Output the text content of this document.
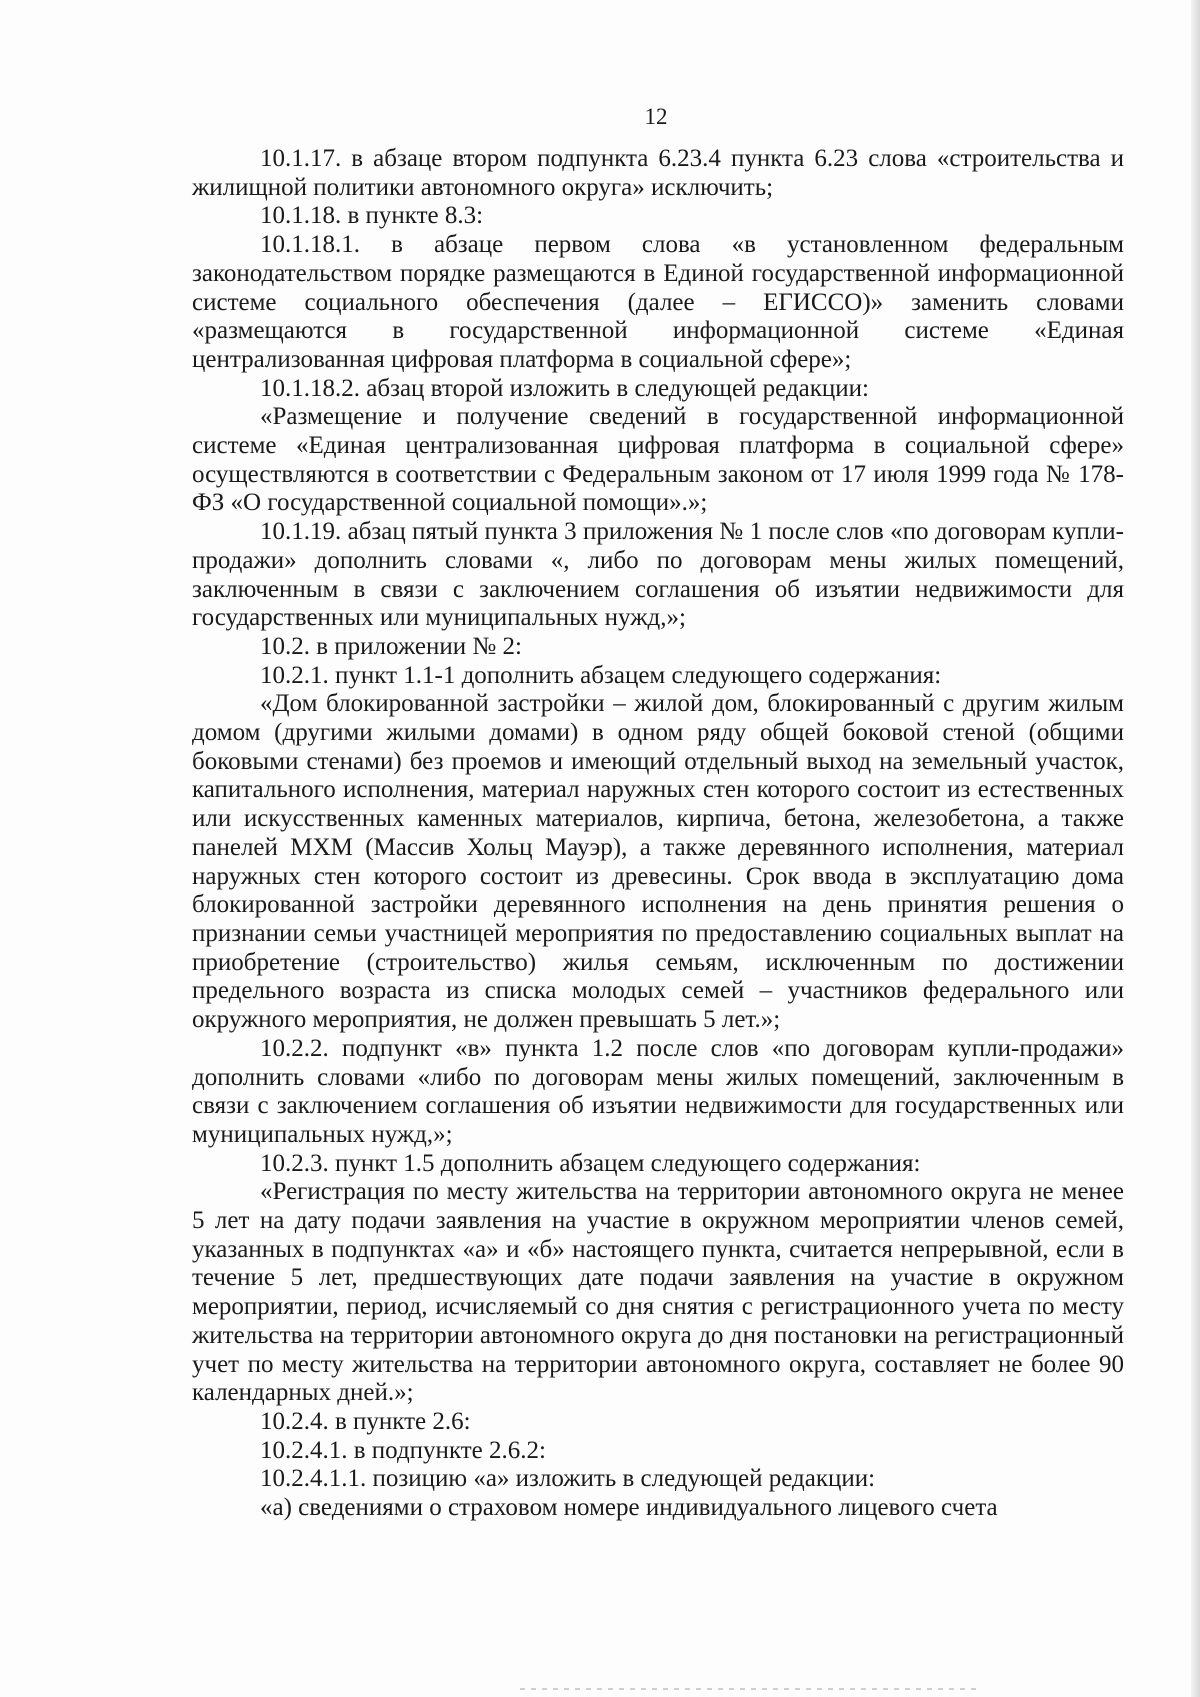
12

10.1.17. в абзаце втором подпункта 6.23.4 пункта 6.23 слова «строительства и жилищной политики автономного округа» исключить;

10.1.18. в пункте 8.3:

10.1.18.1. в абзаце первом слова «в установленном федеральным законодательством порядке размещаются в Единой государственной информационной системе социального обеспечения (далее – ЕГИССО)» заменить словами «размещаются в государственной информационной системе «Единая централизованная цифровая платформа в социальной сфере»;

10.1.18.2. абзац второй изложить в следующей редакции:

«Размещение и получение сведений в государственной информационной системе «Единая централизованная цифровая платформа в социальной сфере» осуществляются в соответствии с Федеральным законом от 17 июля 1999 года № 178-ФЗ «О государственной социальной помощи».»;

10.1.19. абзац пятый пункта 3 приложения № 1 после слов «по договорам купли-продажи» дополнить словами «, либо по договорам мены жилых помещений, заключенным в связи с заключением соглашения об изъятии недвижимости для государственных или муниципальных нужд,»;

10.2. в приложении № 2:

10.2.1. пункт 1.1-1 дополнить абзацем следующего содержания:

«Дом блокированной застройки – жилой дом, блокированный с другим жилым домом (другими жилыми домами) в одном ряду общей боковой стеной (общими боковыми стенами) без проемов и имеющий отдельный выход на земельный участок, капитального исполнения, материал наружных стен которого состоит из естественных или искусственных каменных материалов, кирпича, бетона, железобетона, а также панелей МХМ (Массив Хольц Мауэр), а также деревянного исполнения, материал наружных стен которого состоит из древесины. Срок ввода в эксплуатацию дома блокированной застройки деревянного исполнения на день принятия решения о признании семьи участницей мероприятия по предоставлению социальных выплат на приобретение (строительство) жилья семьям, исключенным по достижении предельного возраста из списка молодых семей – участников федерального или окружного мероприятия, не должен превышать 5 лет.»;

10.2.2. подпункт «в» пункта 1.2 после слов «по договорам купли-продажи» дополнить словами «либо по договорам мены жилых помещений, заключенным в связи с заключением соглашения об изъятии недвижимости для государственных или муниципальных нужд,»;

10.2.3. пункт 1.5 дополнить абзацем следующего содержания:

«Регистрация по месту жительства на территории автономного округа не менее 5 лет на дату подачи заявления на участие в окружном мероприятии членов семей, указанных в подпунктах «а» и «б» настоящего пункта, считается непрерывной, если в течение 5 лет, предшествующих дате подачи заявления на участие в окружном мероприятии, период, исчисляемый со дня снятия с регистрационного учета по месту жительства на территории автономного округа до дня постановки на регистрационный учет по месту жительства на территории автономного округа, составляет не более 90 календарных дней.»;

10.2.4. в пункте 2.6:

10.2.4.1. в подпункте 2.6.2:

10.2.4.1.1. позицию «а» изложить в следующей редакции:

«а) сведениями о страховом номере индивидуального лицевого счета
